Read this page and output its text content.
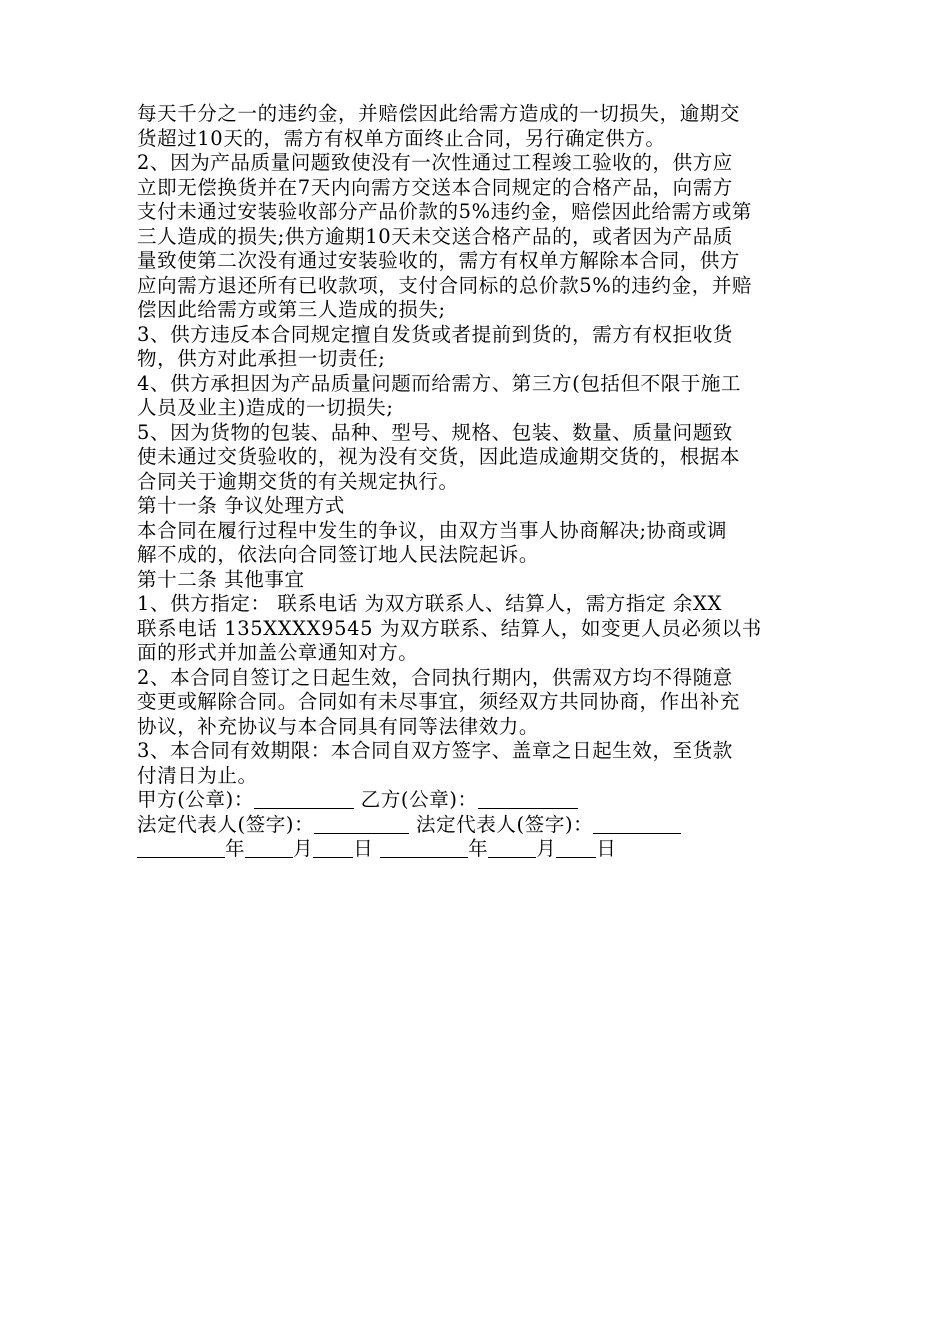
每天千分之一的违约金，并赔偿因此给需方造成的一切损失，逾期交
货超过10天的，需方有权单方面终止合同，另行确定供方。
2、因为产品质量问题致使没有一次性通过工程竣工验收的，供方应
立即无偿换货并在7天内向需方交送本合同规定的合格产品，向需方
支付未通过安装验收部分产品价款的5%违约金，赔偿因此给需方或第
三人造成的损失;供方逾期10天未交送合格产品的，或者因为产品质
量致使第二次没有通过安装验收的，需方有权单方解除本合同，供方
应向需方退还所有已收款项，支付合同标的总价款5%的违约金，并赔
偿因此给需方或第三人造成的损失;
3、供方违反本合同规定擅自发货或者提前到货的，需方有权拒收货
物，供方对此承担一切责任;
4、供方承担因为产品质量问题而给需方、第三方(包括但不限于施工
人员及业主)造成的一切损失;
5、因为货物的包装、品种、型号、规格、包装、数量、质量问题致
使未通过交货验收的，视为没有交货，因此造成逾期交货的，根据本
合同关于逾期交货的有关规定执行。
第十一条 争议处理方式
本合同在履行过程中发生的争议，由双方当事人协商解决;协商或调
解不成的，依法向合同签订地人民法院起诉。
第十二条 其他事宜
1、供方指定： 联系电话 为双方联系人、结算人，需方指定 余XX
联系电话 135XXXX9545 为双方联系、结算人，如变更人员必须以书
面的形式并加盖公章通知对方。
2、本合同自签订之日起生效，合同执行期内，供需双方均不得随意
变更或解除合同。合同如有未尽事宜，须经双方共同协商，作出补充
协议，补充协议与本合同具有同等法律效力。
3、本合同有效期限：本合同自双方签字、盖章之日起生效，至货款
付清日为止。
甲方(公章)：	乙方(公章)：
法定代表人(签字)：	法定代表人(签字)：
年 月 日	年 月 日
